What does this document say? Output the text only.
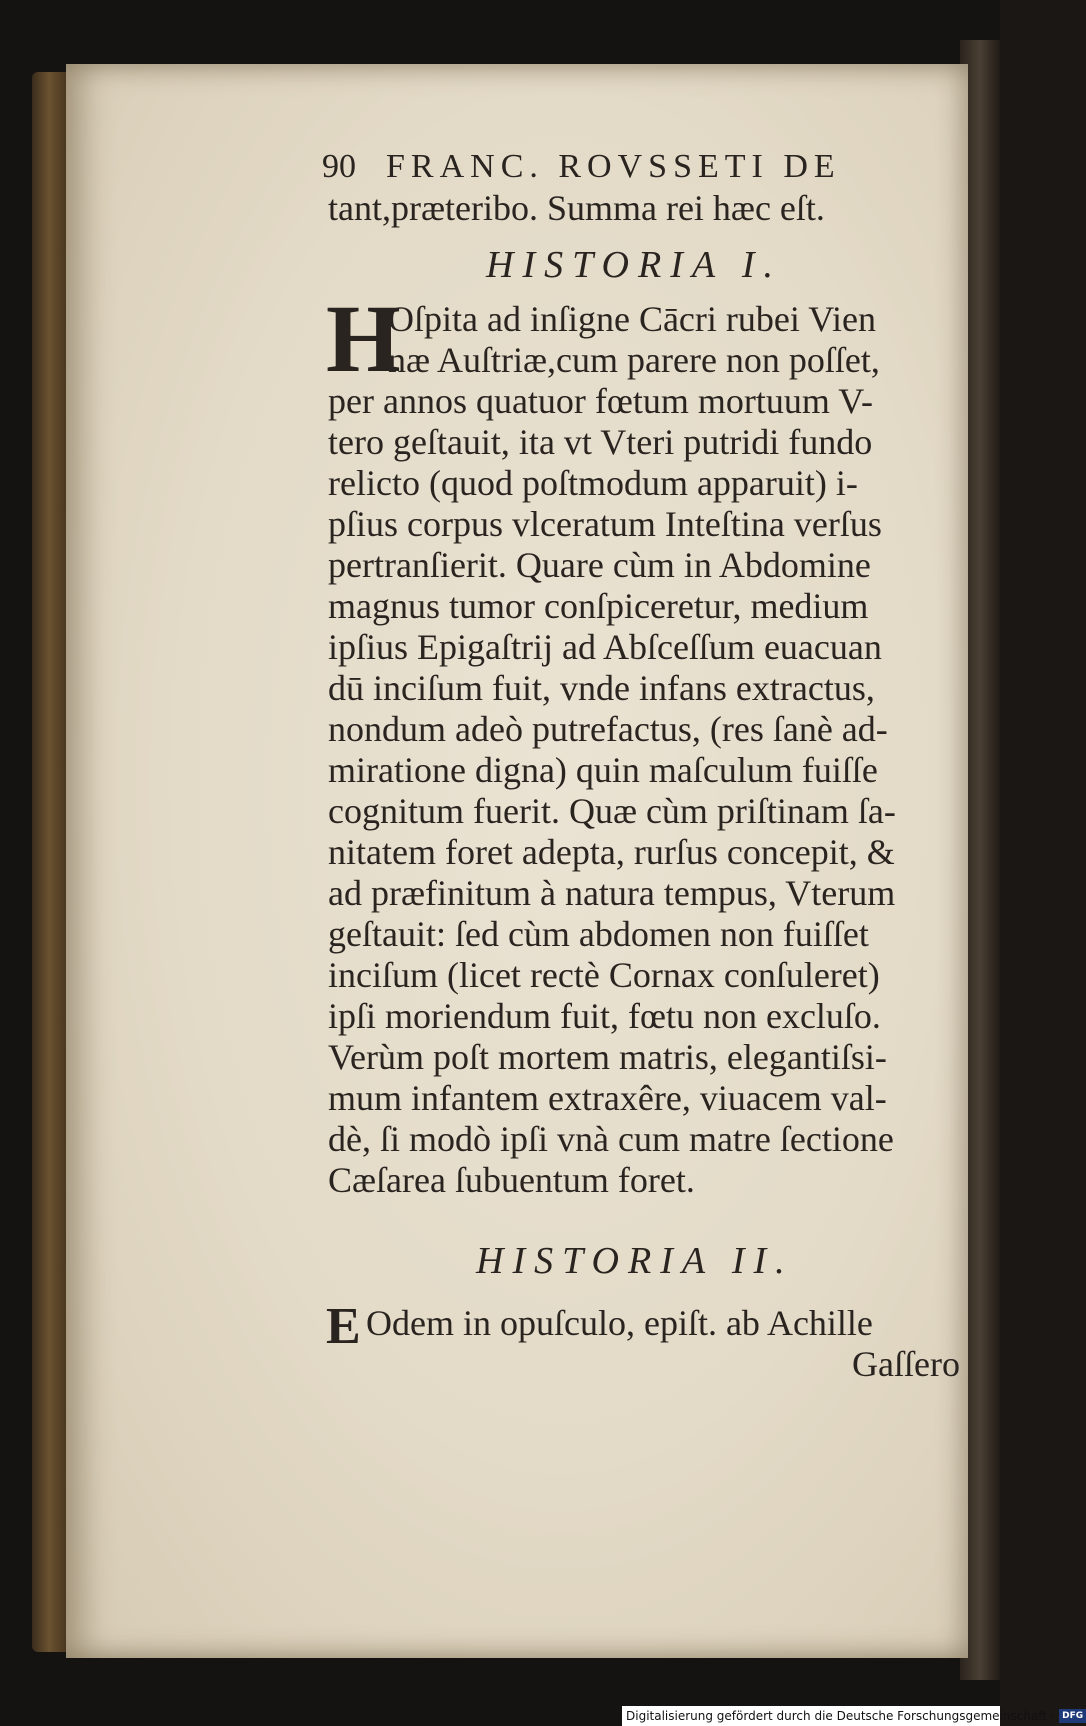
90 FRANC. ROVSSETI DE
tant,præteribo. Summa rei hæc eſt.
HISTORIA I.
H
Oſpita ad inſigne Cācri rubei Vien
næ Auſtriæ,cum parere non poſſet,
per annos quatuor fœtum mortuum V-
tero geſtauit, ita vt Vteri putridi fundo
relicto (quod poſtmodum apparuit) i-
pſius corpus vlceratum Inteſtina verſus
pertranſierit. Quare cùm in Abdomine
magnus tumor conſpiceretur, medium
ipſius Epigaſtrij ad Abſceſſum euacuan
dū inciſum fuit, vnde infans extractus,
nondum adeò putrefactus, (res ſanè ad-
miratione digna) quin maſculum fuiſſe
cognitum fuerit. Quæ cùm priſtinam ſa-
nitatem foret adepta, rurſus concepit, &
ad præfinitum à natura tempus, Vterum
geſtauit: ſed cùm abdomen non fuiſſet
inciſum (licet rectè Cornax conſuleret)
ipſi moriendum fuit, fœtu non excluſo.
Verùm poſt mortem matris, elegantiſsi-
mum infantem extraxêre, viuacem val-
dè, ſi modò ipſi vnà cum matre ſectione
Cæſarea ſubuentum foret.
HISTORIA II.
E Odem in opuſculo, epiſt. ab Achille
Gaſſero
Digitalisierung gefördert durch die Deutsche Forschungsgemeinschaft - DFG
